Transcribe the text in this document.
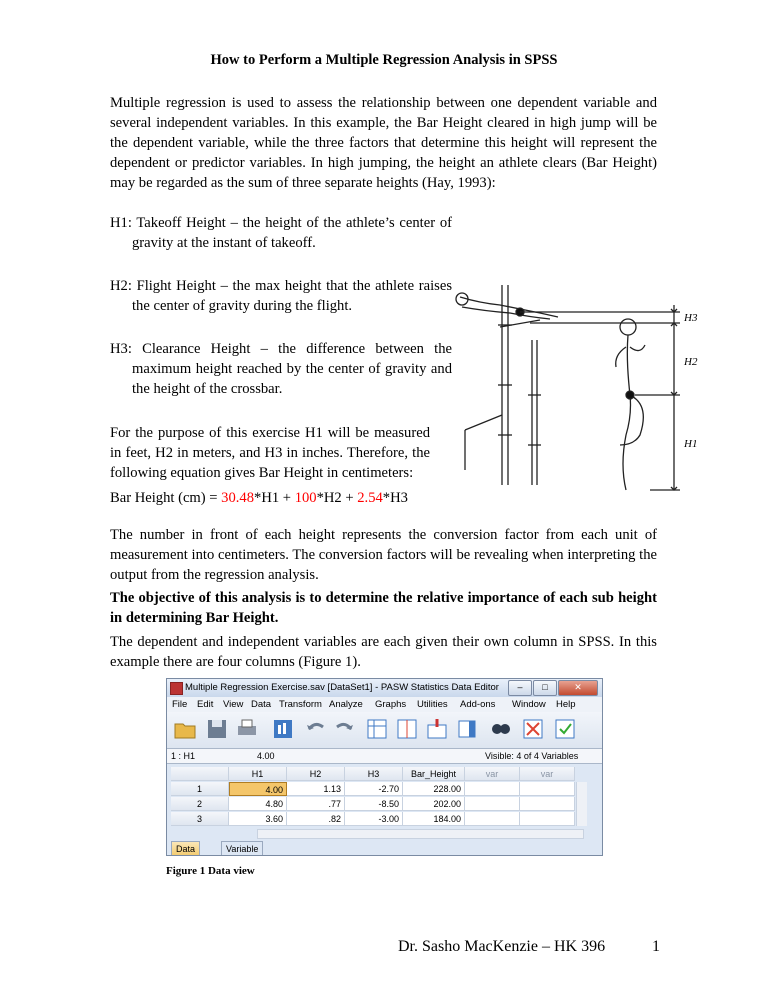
How to Perform a Multiple Regression Analysis in SPSS

Multiple regression is used to assess the relationship between one dependent variable and several independent variables. In this example, the Bar Height cleared in high jump will be the dependent variable, while the three factors that determine this height will represent the dependent or predictor variables. In high jumping, the height an athlete clears (Bar Height) may be regarded as the sum of three separate heights (Hay, 1993):

H1: Takeoff Height – the height of the athlete’s center of gravity at the instant of takeoff.

H2: Flight Height – the max height that the athlete raises the center of gravity during the flight.

H3: Clearance Height – the difference between the maximum height reached by the center of gravity and the height of the crossbar.

For the purpose of this exercise H1 will be measured in feet, H2 in meters, and H3 in inches. Therefore, the following equation gives Bar Height in centimeters:

Bar Height (cm) = 30.48*H1 + 100*H2 + 2.54*H3

The number in front of each height represents the conversion factor from each unit of measurement into centimeters. The conversion factors will be revealing when interpreting the output from the regression analysis.

The objective of this analysis is to determine the relative importance of each sub height in determining Bar Height.

The dependent and independent variables are each given their own column in SPSS. In this example there are four columns (Figure 1).

H3
H2
H1
Multiple Regression Exercise.sav [DataSet1] - PASW Statistics Data Editor	–	□	✕
File Edit View Data Transform Analyze Graphs Utilities Add-ons Window Help
1 : H1	4.00	Visible: 4 of 4 Variables
H1	H2	H3	Bar_Height	var	var
1	4.00	1.13	-2.70	228.00
2	4.80	.77	-8.50	202.00
3	3.60	.82	-3.00	184.00
Data	Variable
Figure 1 Data view
Dr. Sasho MacKenzie – HK 396	1
